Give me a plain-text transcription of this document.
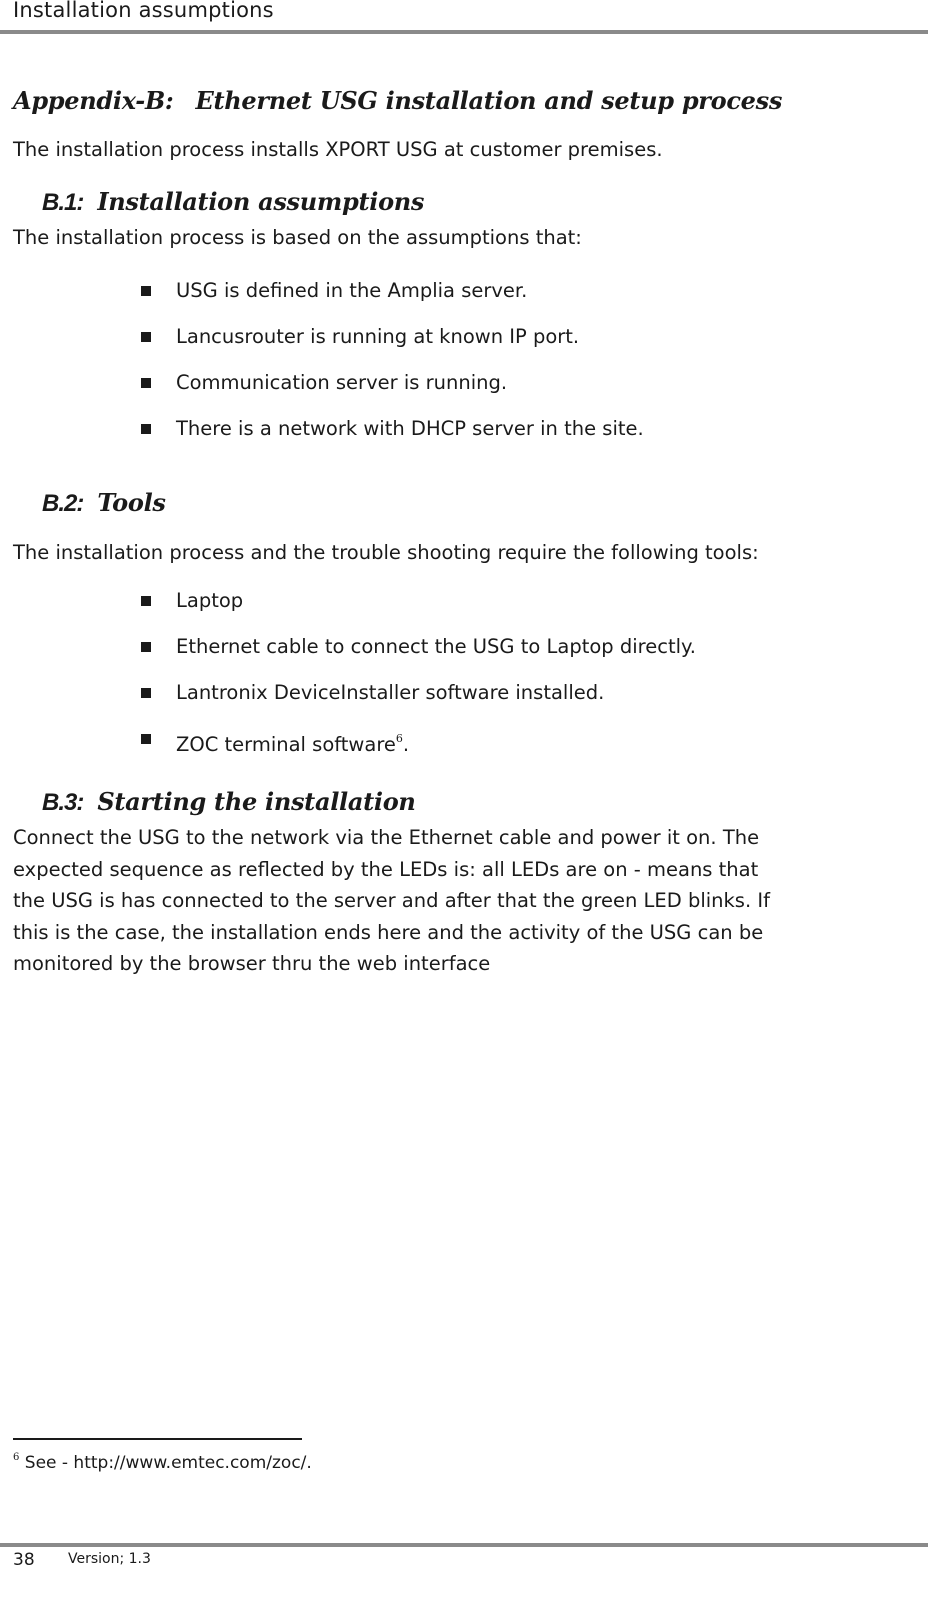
Installation assumptions
Appendix-B: Ethernet USG installation and setup process
The installation process installs XPORT USG at customer premises.
B.1: Installation assumptions
The installation process is based on the assumptions that:
USG is defined in the Amplia server.
Lancusrouter is running at known IP port.
Communication server is running.
There is a network with DHCP server in the site.
B.2: Tools
The installation process and the trouble shooting require the following tools:
Laptop
Ethernet cable to connect the USG to Laptop directly.
Lantronix DeviceInstaller software installed.
ZOC terminal software$^6$.
B.3: Starting the installation
Connect the USG to the network via the Ethernet cable and power it on. The
expected sequence as reflected by the LEDs is: all LEDs are on - means that
the USG is has connected to the server and after that the green LED blinks. If
this is the case, the installation ends here and the activity of the USG can be
monitored by the browser thru the web interface
$^6$ See - http://www.emtec.com/zoc/.
38 Version; 1.3
